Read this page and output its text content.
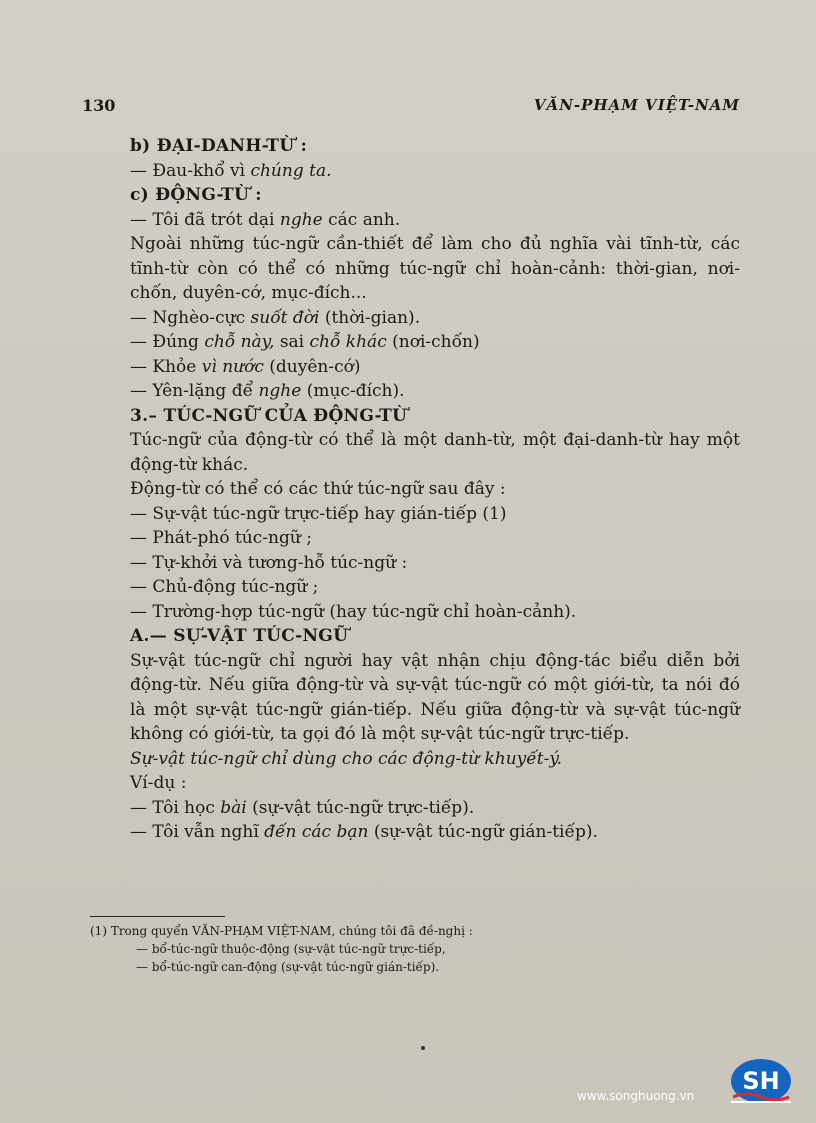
130	VĂN-PHẠM VIỆT-NAM

b) ĐẠI-DANH-TỪ :

— Đau-khổ vì chúng ta.

c) ĐỘNG-TỪ :

— Tôi đã trót dại nghe các anh.

Ngoài những túc-ngữ cần-thiết để làm cho đủ nghĩa vài tĩnh-từ, các tĩnh-từ còn có thể có những túc-ngữ chỉ hoàn-cảnh: thời-gian, nơi-chốn, duyên-cớ, mục-đích...

— Nghèo-cực suốt đời (thời-gian).

— Đúng chỗ này, sai chỗ khác (nơi-chốn)

— Khỏe vì nước (duyên-cớ)

— Yên-lặng để nghe (mục-đích).

3.– TÚC-NGỮ CỦA ĐỘNG-TỪ

Túc-ngữ của động-từ có thể là một danh-từ, một đại-danh-từ hay một động-từ khác.

Động-từ có thể có các thứ túc-ngữ sau đây :

— Sự-vật túc-ngữ trực-tiếp hay gián-tiếp (1)

— Phát-phó túc-ngữ ;

— Tự-khởi và tương-hỗ túc-ngữ :

— Chủ-động túc-ngữ ;

— Trường-hợp túc-ngữ (hay túc-ngữ chỉ hoàn-cảnh).

A.— SỰ-VẬT TÚC-NGỮ

Sự-vật túc-ngữ chỉ người hay vật nhận chịu động-tác biểu diễn bởi động-từ. Nếu giữa động-từ và sự-vật túc-ngữ có một giới-từ, ta nói đó là một sự-vật túc-ngữ gián-tiếp. Nếu giữa động-từ và sự-vật túc-ngữ không có giới-từ, ta gọi đó là một sự-vật túc-ngữ trực-tiếp.

Sự-vật túc-ngữ chỉ dùng cho các động-từ khuyết-ý.

Ví-dụ :

— Tôi học bài (sự-vật túc-ngữ trực-tiếp).

— Tôi vẫn nghĩ đến các bạn (sự-vật túc-ngữ gián-tiếp).

(1) Trong quyển VĂN-PHẠM VIỆT-NAM, chúng tôi đã đề-nghị :

— bổ-túc-ngữ thuộc-động (sự-vật túc-ngữ trực-tiếp,

— bổ-túc-ngữ can-động (sự-vật túc-ngữ gián-tiếp).

www.songhuong.vn
SH
